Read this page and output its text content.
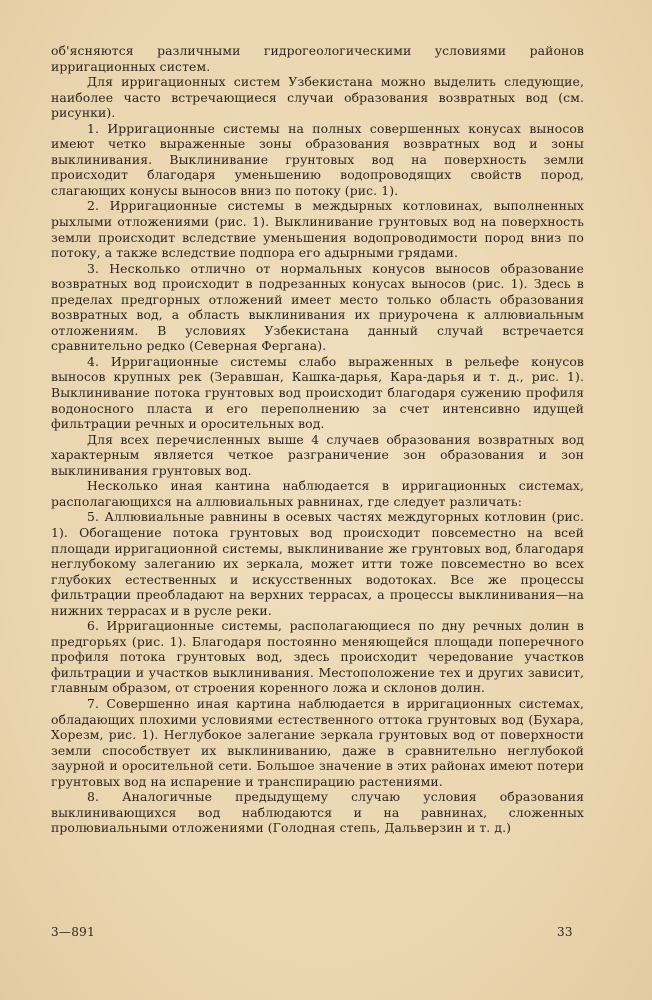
об'ясняются различными гидрогеологическими условиями районов ирригационных систем.

Для ирригационных систем Узбекистана можно выделить следующие, наиболее часто встречающиеся случаи образования возвратных вод (см. рисунки).

1. Ирригационные системы на полных совершенных конусах выносов имеют четко выраженные зоны образования возвратных вод и зоны выклинивания. Выклинивание грунтовых вод на поверхность земли происходит благодаря уменьшению водопроводящих свойств пород, слагающих конусы выносов вниз по потоку (рис. 1).

2. Ирригационные системы в междырных котловинах, выполненных рыхлыми отложениями (рис. 1). Выклинивание грунтовых вод на поверхность земли происходит вследствие уменьшения водопроводимости пород вниз по потоку, а также вследствие подпора его адырными грядами.

3. Несколько отлично от нормальных конусов выносов образование возвратных вод происходит в подрезанных конусах выносов (рис. 1). Здесь в пределах предгорных отложений имеет место только область образования возвратных вод, а область выклинивания их приурочена к аллювиальным отложениям. В условиях Узбекистана данный случай встречается сравнительно редко (Северная Фергана).

4. Ирригационные системы слабо выраженных в рельефе конусов выносов крупных рек (Зеравшан, Кашка-дарья, Кара-дарья и т. д., рис. 1). Выклинивание потока грунтовых вод происходит благодаря сужению профиля водоносного пласта и его переполнению за счет интенсивно идущей фильтрации речных и оросительных вод.

Для всех перечисленных выше 4 случаев образования возвратных вод характерным является четкое разграничение зон образования и зон выклинивания грунтовых вод.

Несколько иная кантина наблюдается в ирригационных системах, располагающихся на аллювиальных равнинах, где следует различать:

5. Аллювиальные равнины в осевых частях междугорных котловин (рис. 1). Обогащение потока грунтовых вод происходит повсеместно на всей площади ирригационной системы, выклинивание же грунтовых вод, благодаря неглубокому залеганию их зеркала, может итти тоже повсеместно во всех глубоких естественных и искусственных водотоках. Все же процессы фильтрации преобладают на верхних террасах, а процессы выклинивания—на нижних террасах и в русле реки.

6. Ирригационные системы, располагающиеся по дну речных долин в предгорьях (рис. 1). Благодаря постоянно меняющейся площади поперечного профиля потока грунтовых вод, здесь происходит чередование участков фильтрации и участков выклинивания. Местоположение тех и других зависит, главным образом, от строения коренного ложа и склонов долин.

7. Совершенно иная картина наблюдается в ирригационных системах, обладающих плохими условиями естественного оттока грунтовых вод (Бухара, Хорезм, рис. 1). Неглубокое залегание зеркала грунтовых вод от поверхности земли способствует их выклиниванию, даже в сравнительно неглубокой заурной и оросительной сети. Большое значение в этих районах имеют потери грунтовых вод на испарение и транспирацию растениями.

8. Аналогичные предыдущему случаю условия образования выклинивающихся вод наблюдаются и на равнинах, сложенных пролювиальными отложениями (Голодная степь, Дальверзин и т. д.)

3—891	33
